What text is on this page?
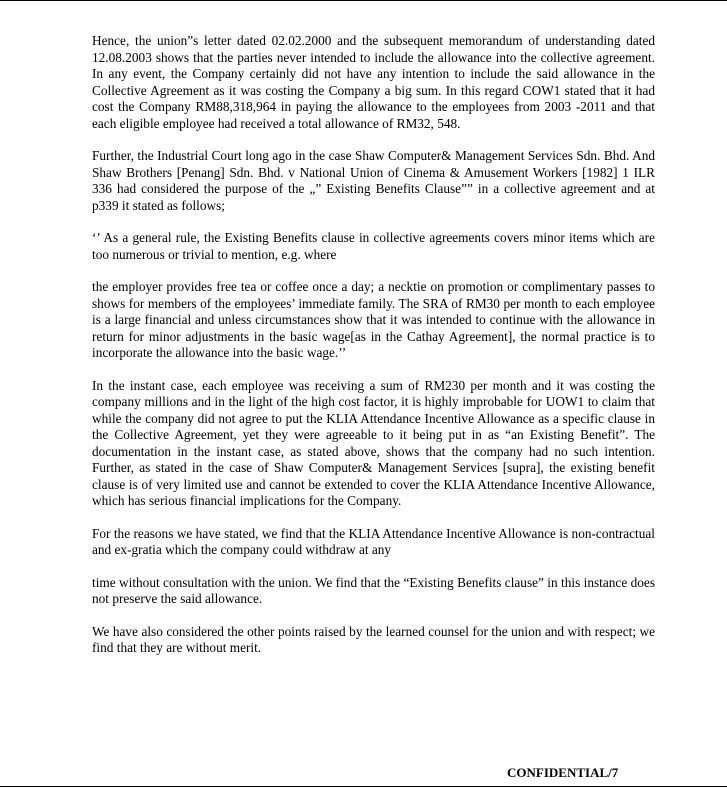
Hence, the union”s letter dated 02.02.2000 and the subsequent memorandum of understanding dated 12.08.2003 shows that the parties never intended to include the allowance into the collective agreement. In any event, the Company certainly did not have any intention to include the said allowance in the Collective Agreement as it was costing the Company a big sum. In this regard COW1 stated that it had cost the Company RM88,318,964 in paying the allowance to the employees from 2003 -2011 and that each eligible employee had received a total allowance of RM32, 548.

Further, the Industrial Court long ago in the case Shaw Computer& Management Services Sdn. Bhd. And Shaw Brothers [Penang] Sdn. Bhd. v National Union of Cinema & Amusement Workers [1982] 1 ILR 336 had considered the purpose of the „” Existing Benefits Clause”” in a collective agreement and at p339 it stated as follows;

‘’ As a general rule, the Existing Benefits clause in collective agreements covers minor items which are too numerous or trivial to mention, e.g. where

the employer provides free tea or coffee once a day; a necktie on promotion or complimentary passes to shows for members of the employees’ immediate family. The SRA of RM30 per month to each employee is a large financial and unless circumstances show that it was intended to continue with the allowance in return for minor adjustments in the basic wage[as in the Cathay Agreement], the normal practice is to incorporate the allowance into the basic wage.’’

In the instant case, each employee was receiving a sum of RM230 per month and it was costing the company millions and in the light of the high cost factor, it is highly improbable for UOW1 to claim that while the company did not agree to put the KLIA Attendance Incentive Allowance as a specific clause in the Collective Agreement, yet they were agreeable to it being put in as “an Existing Benefit”. The documentation in the instant case, as stated above, shows that the company had no such intention. Further, as stated in the case of Shaw Computer& Management Services [supra], the existing benefit clause is of very limited use and cannot be extended to cover the KLIA Attendance Incentive Allowance, which has serious financial implications for the Company.

For the reasons we have stated, we find that the KLIA Attendance Incentive Allowance is non-contractual and ex-gratia which the company could withdraw at any

time without consultation with the union. We find that the “Existing Benefits clause” in this instance does not preserve the said allowance.

We have also considered the other points raised by the learned counsel for the union and with respect; we find that they are without merit.

CONFIDENTIAL/7
